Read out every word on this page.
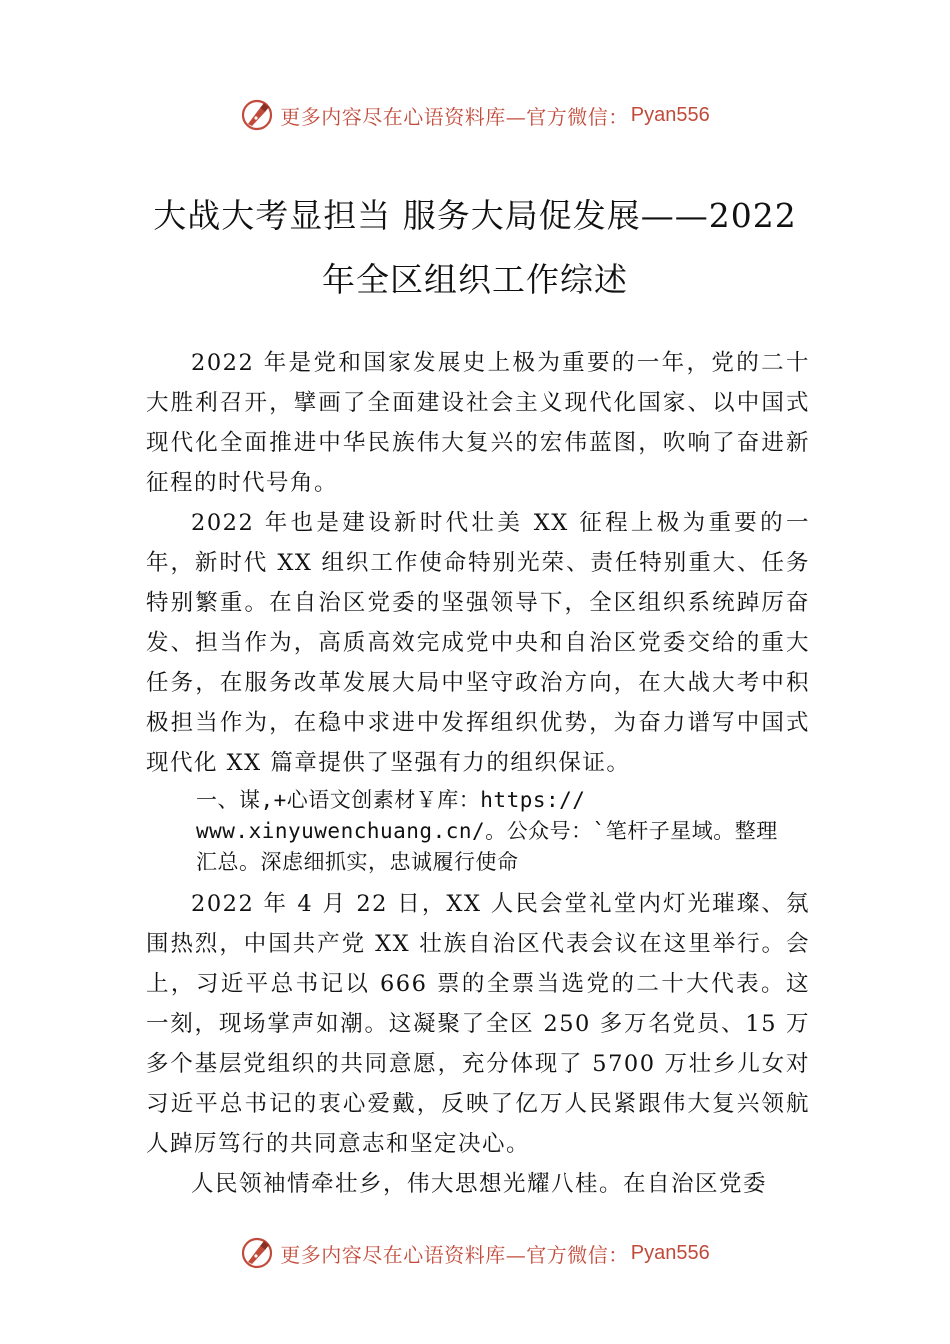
更多内容尽在心语资料库—官方微信： Pyan556
大战大考显担当 服务大局促发展——2022
年全区组织工作综述

2022 年是党和国家发展史上极为重要的一年，党的二十大胜利召开，擘画了全面建设社会主义现代化国家、以中国式现代化全面推进中华民族伟大复兴的宏伟蓝图，吹响了奋进新征程的时代号角。

2022 年也是建设新时代壮美 XX 征程上极为重要的一年，新时代 XX 组织工作使命特别光荣、责任特别重大、任务特别繁重。在自治区党委的坚强领导下，全区组织系统踔厉奋发、担当作为，高质高效完成党中央和自治区党委交给的重大任务，在服务改革发展大局中坚守政治方向，在大战大考中积极担当作为，在稳中求进中发挥组织优势，为奋力谱写中国式现代化 XX 篇章提供了坚强有力的组织保证。

一、谋,+心语文创素材￥库：https://
www.xinyuwenchuang.cn/。公众号：`笔杆子星域。整理
汇总。深虑细抓实，忠诚履行使命

2022 年 4 月 22 日，XX 人民会堂礼堂内灯光璀璨、氛围热烈，中国共产党 XX 壮族自治区代表会议在这里举行。会上，习近平总书记以 666 票的全票当选党的二十大代表。这一刻，现场掌声如潮。这凝聚了全区 250 多万名党员、15 万多个基层党组织的共同意愿，充分体现了 5700 万壮乡儿女对习近平总书记的衷心爱戴，反映了亿万人民紧跟伟大复兴领航人踔厉笃行的共同意志和坚定决心。

人民领袖情牵壮乡，伟大思想光耀八桂。在自治区党委

更多内容尽在心语资料库—官方微信： Pyan556
